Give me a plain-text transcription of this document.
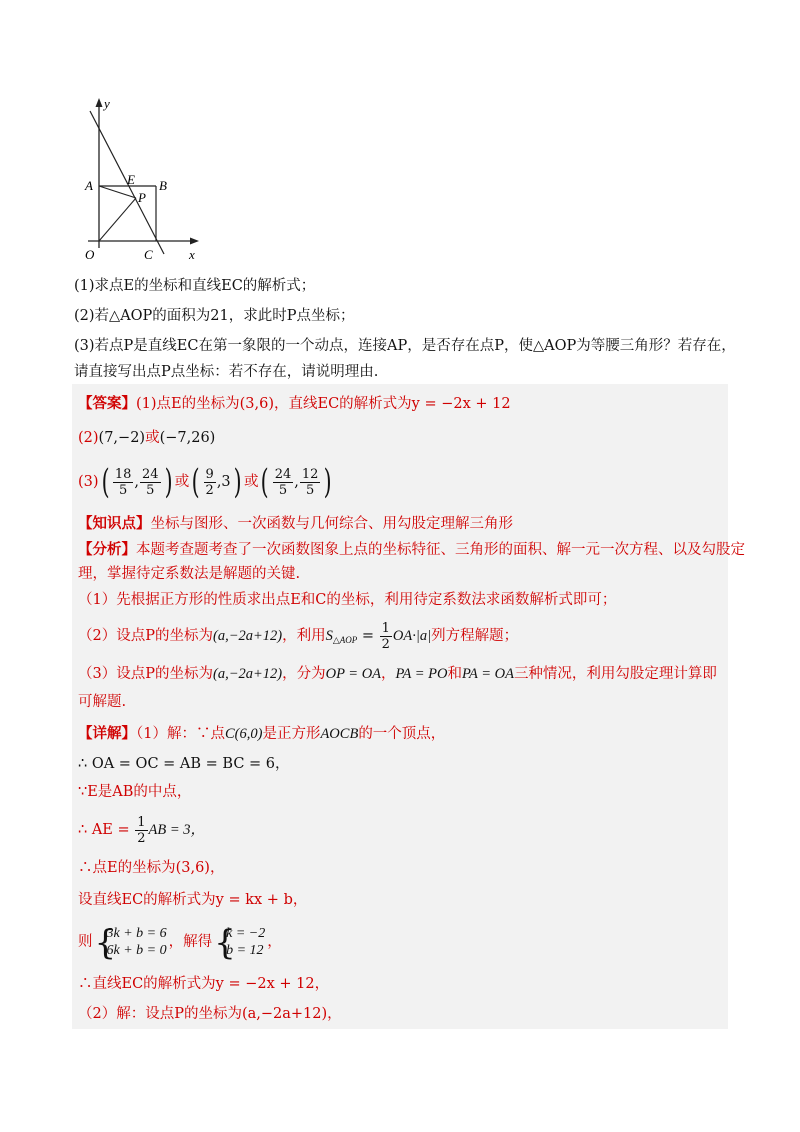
y
x
O
A	B
C
E
P
(1)求点E的坐标和直线EC的解析式；
(2)若△AOP的面积为21，求此时P点坐标；
(3)若点P是直线EC在第一象限的一个动点，连接AP，是否存在点P，使△AOP为等腰三角形？若存在，
请直接写出点P点坐标：若不存在，请说明理由.
【答案】(1)点E的坐标为(3,6)，直线EC的解析式为y = −2x + 12
(2)(7,−2)或(−7,26)
$(3)( \frac{18}{5}$ , $\frac{24}{5}$ ) 或( $\frac{9}{2} ,3$) 或( $\frac{24}{5}$ , $\frac{12}{5}$ )
【知识点】坐标与图形、一次函数与几何综合、用勾股定理解三角形
【分析】本题考查题考查了一次函数图象上点的坐标特征、三角形的面积、解一元一次方程、以及勾股定
理，掌握待定系数法是解题的关键.
（1）先根据正方形的性质求出点E和C的坐标，利用待定系数法求函数解析式即可；
（2）设点P的坐标为(a,−2a+12)，利用$S_{\triangle AOP} = \frac{1}{2} OA\cdot|a|$列方程解题；
（3）设点P的坐标为(a,−2a+12)，分为OP = OA，PA = PO和PA = OA三种情况，利用勾股定理计算即
可解题.
【详解】（1）解：∵点C(6,0)是正方形AOCB的一个顶点，
∴ OA = OC = AB = BC = 6，
∵E是AB的中点，
∴ AE = $\frac{1}{2}$ AB = 3，
∴点E的坐标为(3,6)，
设直线EC的解析式为y = kx + b，
则 {
3k + b = 6
6k + b = 0
，解得 {
k = −2
b = 12
，
∴直线EC的解析式为y = −2x + 12，
（2）解：设点P的坐标为(a,−2a+12)，
